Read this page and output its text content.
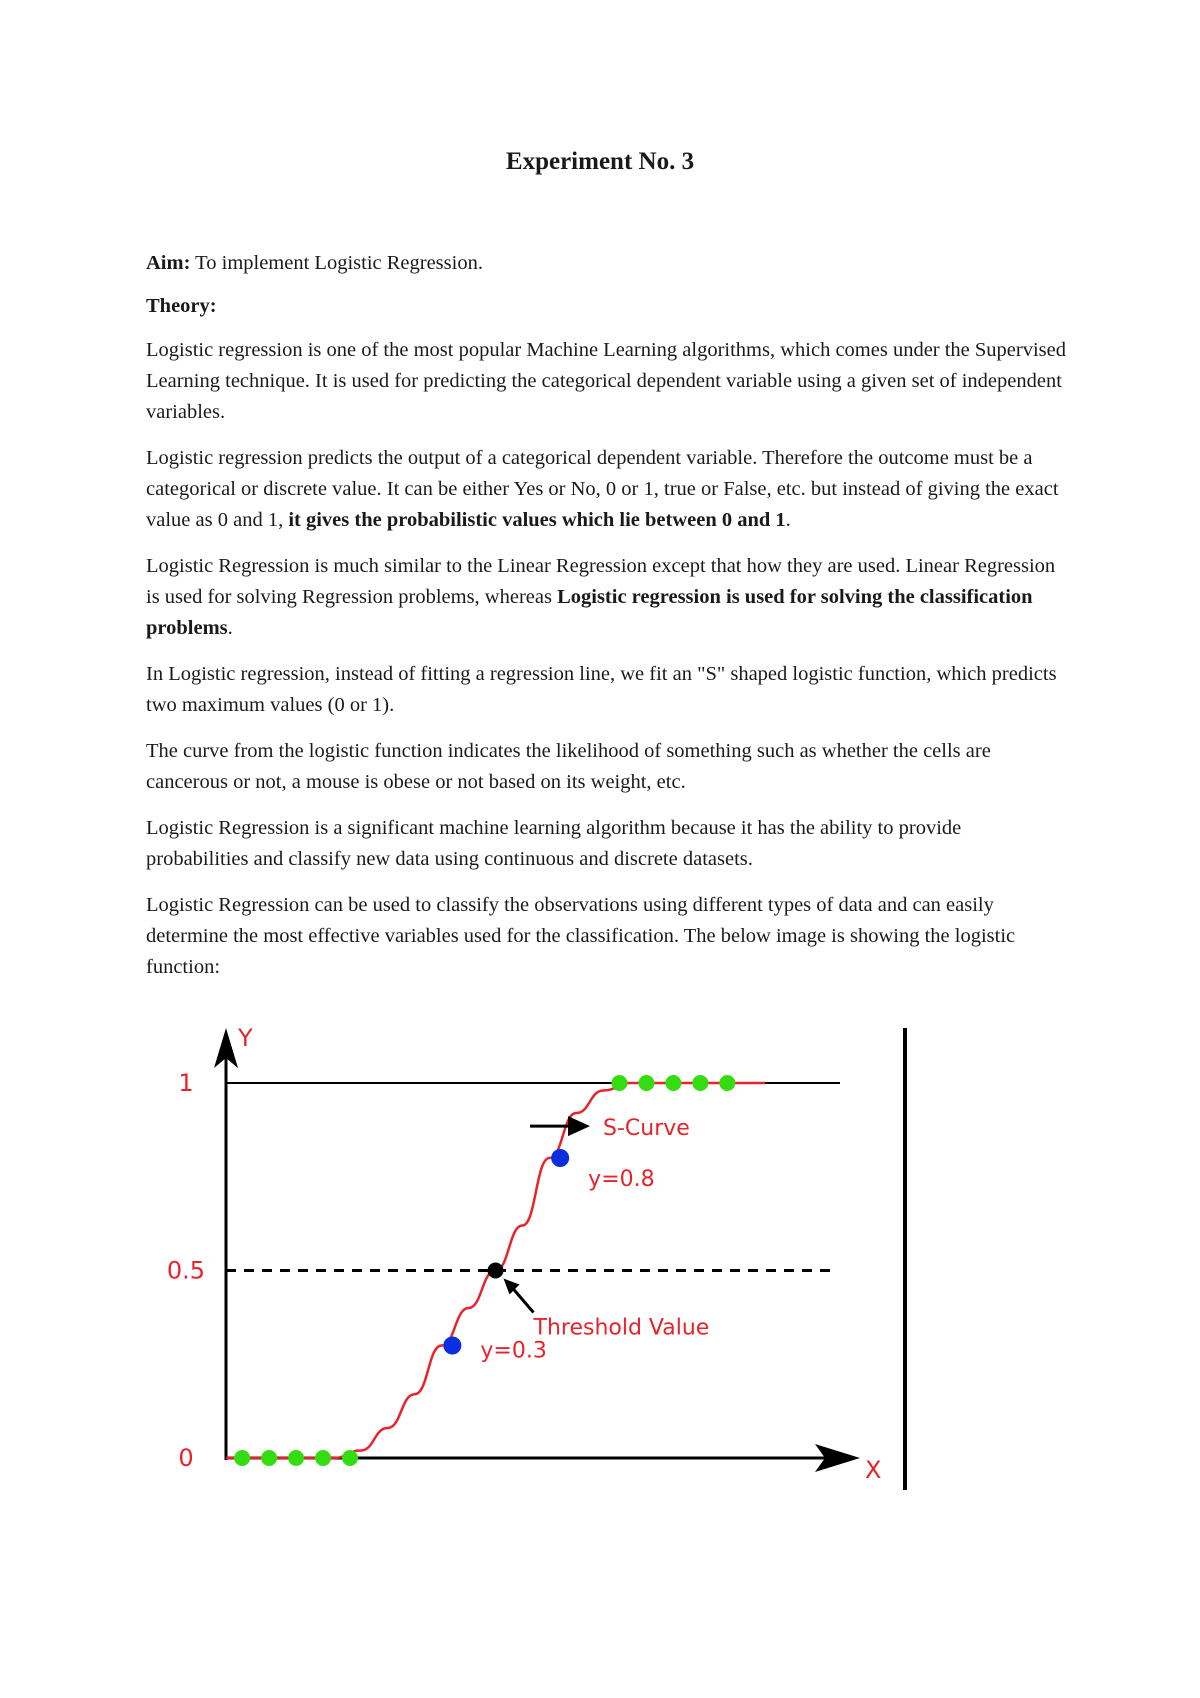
Experiment No. 3

Aim: To implement Logistic Regression.

Theory:

Logistic regression is one of the most popular Machine Learning algorithms, which comes under the Supervised Learning technique. It is used for predicting the categorical dependent variable using a given set of independent variables.

Logistic regression predicts the output of a categorical dependent variable. Therefore the outcome must be a categorical or discrete value. It can be either Yes or No, 0 or 1, true or False, etc. but instead of giving the exact value as 0 and 1, it gives the probabilistic values which lie between 0 and 1.

Logistic Regression is much similar to the Linear Regression except that how they are used. Linear Regression is used for solving Regression problems, whereas Logistic regression is used for solving the classification problems.

In Logistic regression, instead of fitting a regression line, we fit an "S" shaped logistic function, which predicts two maximum values (0 or 1).

The curve from the logistic function indicates the likelihood of something such as whether the cells are cancerous or not, a mouse is obese or not based on its weight, etc.

Logistic Regression is a significant machine learning algorithm because it has the ability to provide probabilities and classify new data using continuous and discrete datasets.

Logistic Regression can be used to classify the observations using different types of data and can easily determine the most effective variables used for the classification. The below image is showing the logistic function:

Y
X
0
0.5
1
y=0.3
y=0.8
S-Curve
Threshold Value
